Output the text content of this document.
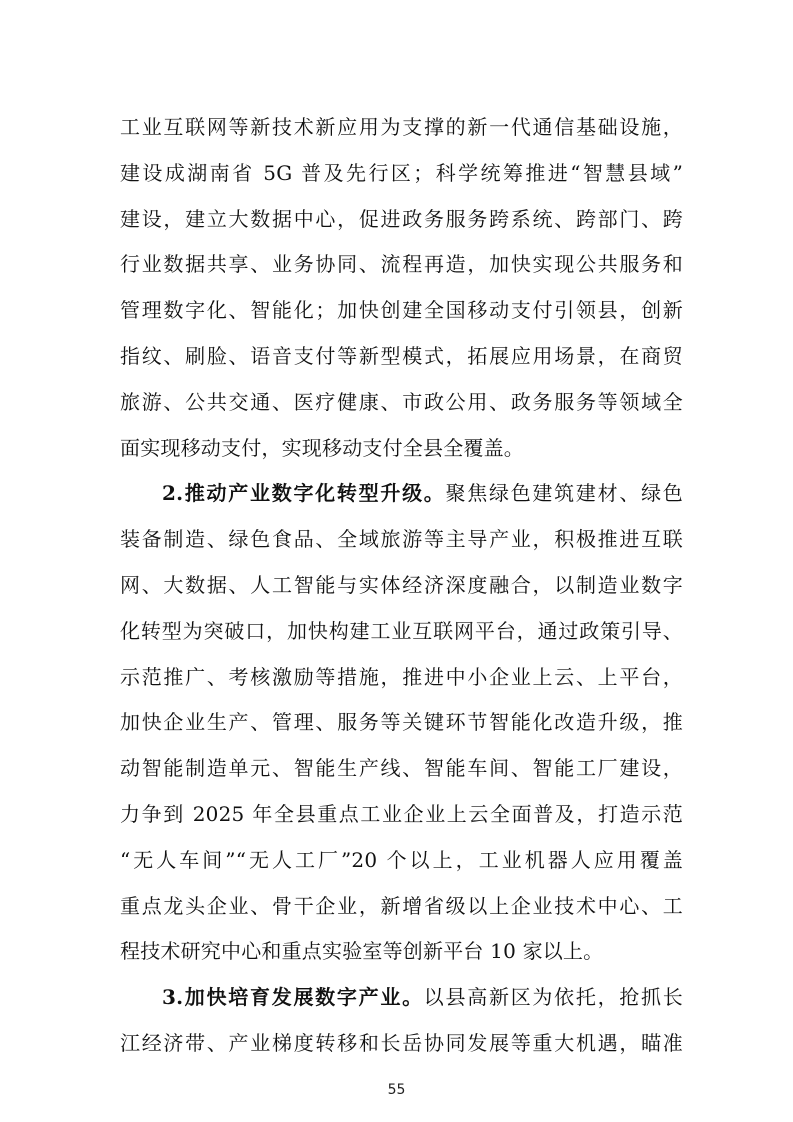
工业互联网等新技术新应用为支撑的新一代通信基础设施，
建设成湖南省 5G 普及先行区；科学统筹推进“智慧县域”
建设，建立大数据中心，促进政务服务跨系统、跨部门、跨
行业数据共享、业务协同、流程再造，加快实现公共服务和
管理数字化、智能化；加快创建全国移动支付引领县，创新
指纹、刷脸、语音支付等新型模式，拓展应用场景，在商贸
旅游、公共交通、医疗健康、市政公用、政务服务等领域全
面实现移动支付，实现移动支付全县全覆盖。
2.推动产业数字化转型升级。聚焦绿色建筑建材、绿色
装备制造、绿色食品、全域旅游等主导产业，积极推进互联
网、大数据、人工智能与实体经济深度融合，以制造业数字
化转型为突破口，加快构建工业互联网平台，通过政策引导、
示范推广、考核激励等措施，推进中小企业上云、上平台，
加快企业生产、管理、服务等关键环节智能化改造升级，推
动智能制造单元、智能生产线、智能车间、智能工厂建设，
力争到 2025 年全县重点工业企业上云全面普及，打造示范
“无人车间”“无人工厂”20 个以上，工业机器人应用覆盖
重点龙头企业、骨干企业，新增省级以上企业技术中心、工
程技术研究中心和重点实验室等创新平台 10 家以上。
3.加快培育发展数字产业。以县高新区为依托，抢抓长
江经济带、产业梯度转移和长岳协同发展等重大机遇，瞄准
55
